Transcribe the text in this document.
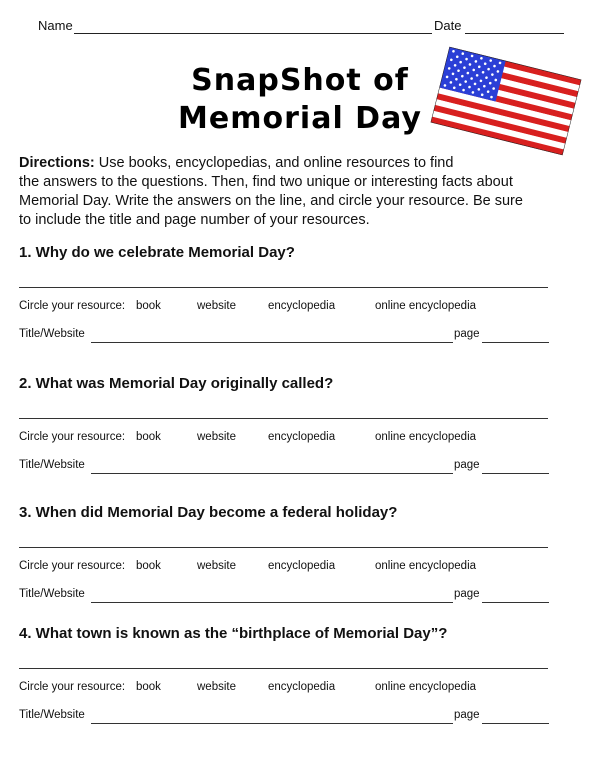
Name	Date
SnapShot of
Memorial Day
Directions: Use books, encyclopedias, and online resources to find
the answers to the questions. Then, find two unique or interesting facts about
Memorial Day. Write the answers on the line, and circle your resource. Be sure
to include the title and page number of your resources.
1. Why do we celebrate Memorial Day?
Circle your resource: book	website	encyclopedia	online encyclopedia
Title/Website	page
2. What was Memorial Day originally called?
Circle your resource: book	website	encyclopedia	online encyclopedia
Title/Website	page
3. When did Memorial Day become a federal holiday?
Circle your resource: book	website	encyclopedia	online encyclopedia
Title/Website	page
4. What town is known as the “birthplace of Memorial Day”?
Circle your resource: book	website	encyclopedia	online encyclopedia
Title/Website	page
